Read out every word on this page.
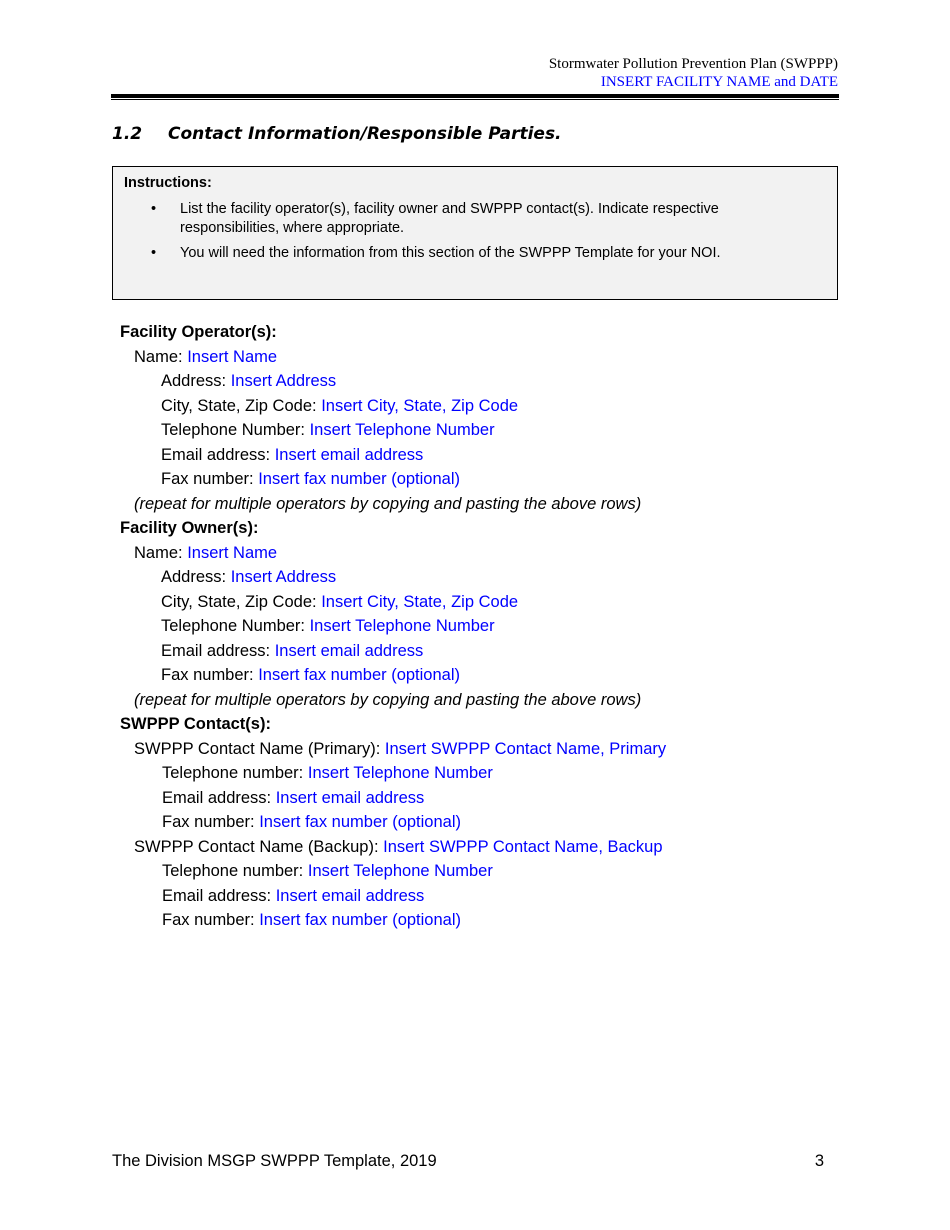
Stormwater Pollution Prevention Plan (SWPPP)
INSERT FACILITY NAME and DATE
1.2 Contact Information/Responsible Parties.
Instructions:
• List the facility operator(s), facility owner and SWPPP contact(s). Indicate respective responsibilities, where appropriate.
• You will need the information from this section of the SWPPP Template for your NOI.
Facility Operator(s):
Name: Insert Name
Address: Insert Address
City, State, Zip Code: Insert City, State, Zip Code
Telephone Number: Insert Telephone Number
Email address: Insert email address
Fax number: Insert fax number (optional)
(repeat for multiple operators by copying and pasting the above rows)
Facility Owner(s):
Name: Insert Name
Address: Insert Address
City, State, Zip Code: Insert City, State, Zip Code
Telephone Number: Insert Telephone Number
Email address: Insert email address
Fax number: Insert fax number (optional)
(repeat for multiple operators by copying and pasting the above rows)
SWPPP Contact(s):
SWPPP Contact Name (Primary): Insert SWPPP Contact Name, Primary
Telephone number: Insert Telephone Number
Email address: Insert email address
Fax number: Insert fax number (optional)
SWPPP Contact Name (Backup): Insert SWPPP Contact Name, Backup
Telephone number: Insert Telephone Number
Email address: Insert email address
Fax number: Insert fax number (optional)
The Division MSGP SWPPP Template, 2019	3
